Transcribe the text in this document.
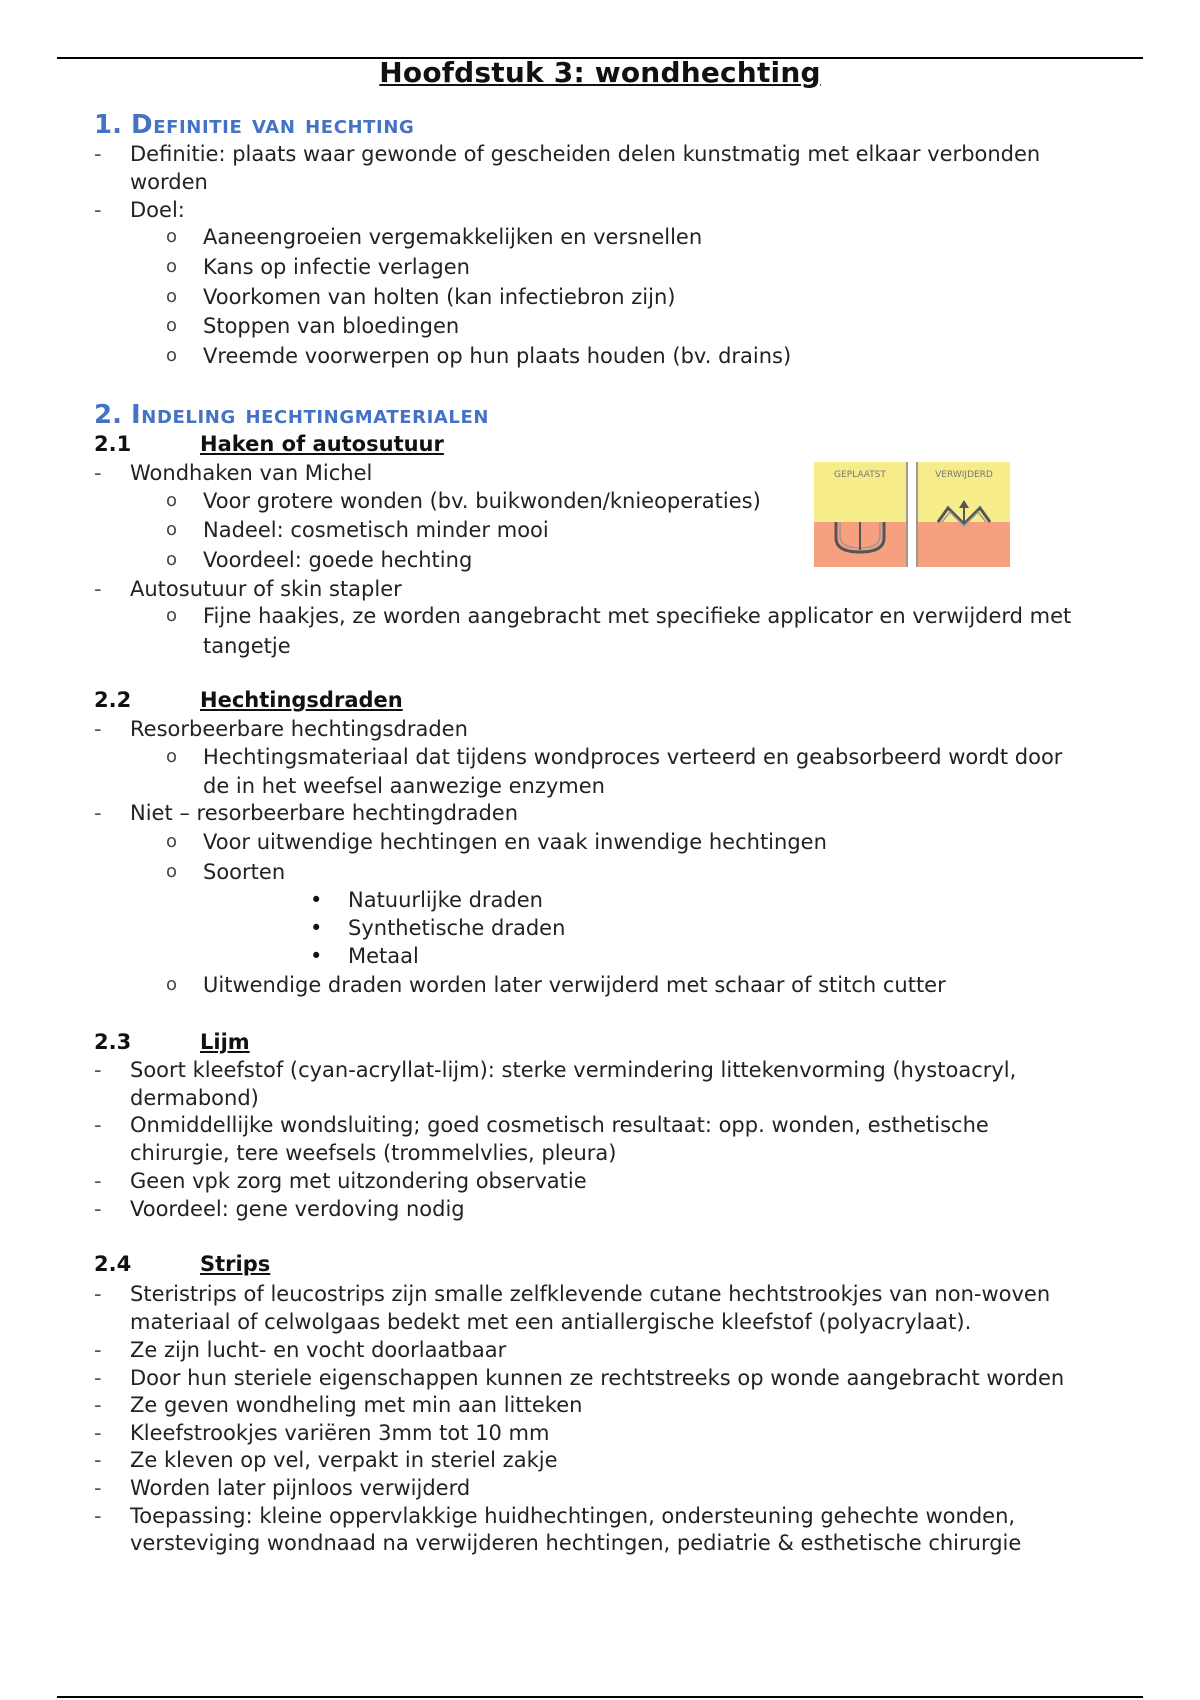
Hoofdstuk 3: wondhechting
1. Definitie van hechting
- Definitie: plaats waar gewonde of gescheiden delen kunstmatig met elkaar verbonden
worden
- Doel:
o Aaneengroeien vergemakkelijken en versnellen
o Kans op infectie verlagen
o Voorkomen van holten (kan infectiebron zijn)
o Stoppen van bloedingen
o Vreemde voorwerpen op hun plaats houden (bv. drains)
2. Indeling hechtingmaterialen
2.1	Haken of autosutuur
- Wondhaken van Michel
o Voor grotere wonden (bv. buikwonden/knieoperaties)
o Nadeel: cosmetisch minder mooi
o Voordeel: goede hechting
GEPLAATST	VERWIJDERD
- Autosutuur of skin stapler
o Fijne haakjes, ze worden aangebracht met specifieke applicator en verwijderd met
tangetje
2.2	Hechtingsdraden
- Resorbeerbare hechtingsdraden
o Hechtingsmateriaal dat tijdens wondproces verteerd en geabsorbeerd wordt door
de in het weefsel aanwezige enzymen
- Niet – resorbeerbare hechtingdraden
o Voor uitwendige hechtingen en vaak inwendige hechtingen
o Soorten
• Natuurlijke draden
• Synthetische draden
• Metaal
o Uitwendige draden worden later verwijderd met schaar of stitch cutter
2.3	Lijm
- Soort kleefstof (cyan-acryllat-lijm): sterke vermindering littekenvorming (hystoacryl,
dermabond)
- Onmiddellijke wondsluiting; goed cosmetisch resultaat: opp. wonden, esthetische
chirurgie, tere weefsels (trommelvlies, pleura)
- Geen vpk zorg met uitzondering observatie
- Voordeel: gene verdoving nodig
2.4	Strips
- Steristrips of leucostrips zijn smalle zelfklevende cutane hechtstrookjes van non-woven
materiaal of celwolgaas bedekt met een antiallergische kleefstof (polyacrylaat).
- Ze zijn lucht- en vocht doorlaatbaar
- Door hun steriele eigenschappen kunnen ze rechtstreeks op wonde aangebracht worden
- Ze geven wondheling met min aan litteken
- Kleefstrookjes variëren 3mm tot 10 mm
- Ze kleven op vel, verpakt in steriel zakje
- Worden later pijnloos verwijderd
- Toepassing: kleine oppervlakkige huidhechtingen, ondersteuning gehechte wonden,
versteviging wondnaad na verwijderen hechtingen, pediatrie & esthetische chirurgie
